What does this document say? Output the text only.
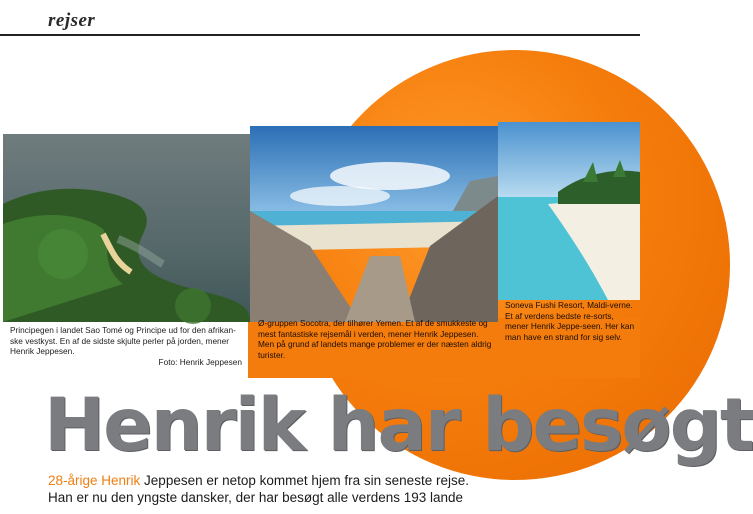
rejser
Principegen i landet Sao Tomé og Principe ud for den afrikan-ske vestkyst. En af de sidste skjulte perler på jorden, mener Henrik Jeppesen.
Foto: Henrik Jeppesen
Ø-gruppen Socotra, der tilhører Yemen. Et af de smukkeste og mest fantastiske rejsemål i verden, mener Henrik Jeppesen. Men på grund af landets mange problemer er der næsten aldrig turister.
Soneva Fushi Resort, Maldi-verne. Et af verdens bedste re-sorts, mener Henrik Jeppe-seen. Her kan man have en strand for sig selv.
Henrik har besøgt
28-årige Henrik Jeppesen er netop kommet hjem fra sin seneste rejse.
Han er nu den yngste dansker, der har besøgt alle verdens 193 lande
